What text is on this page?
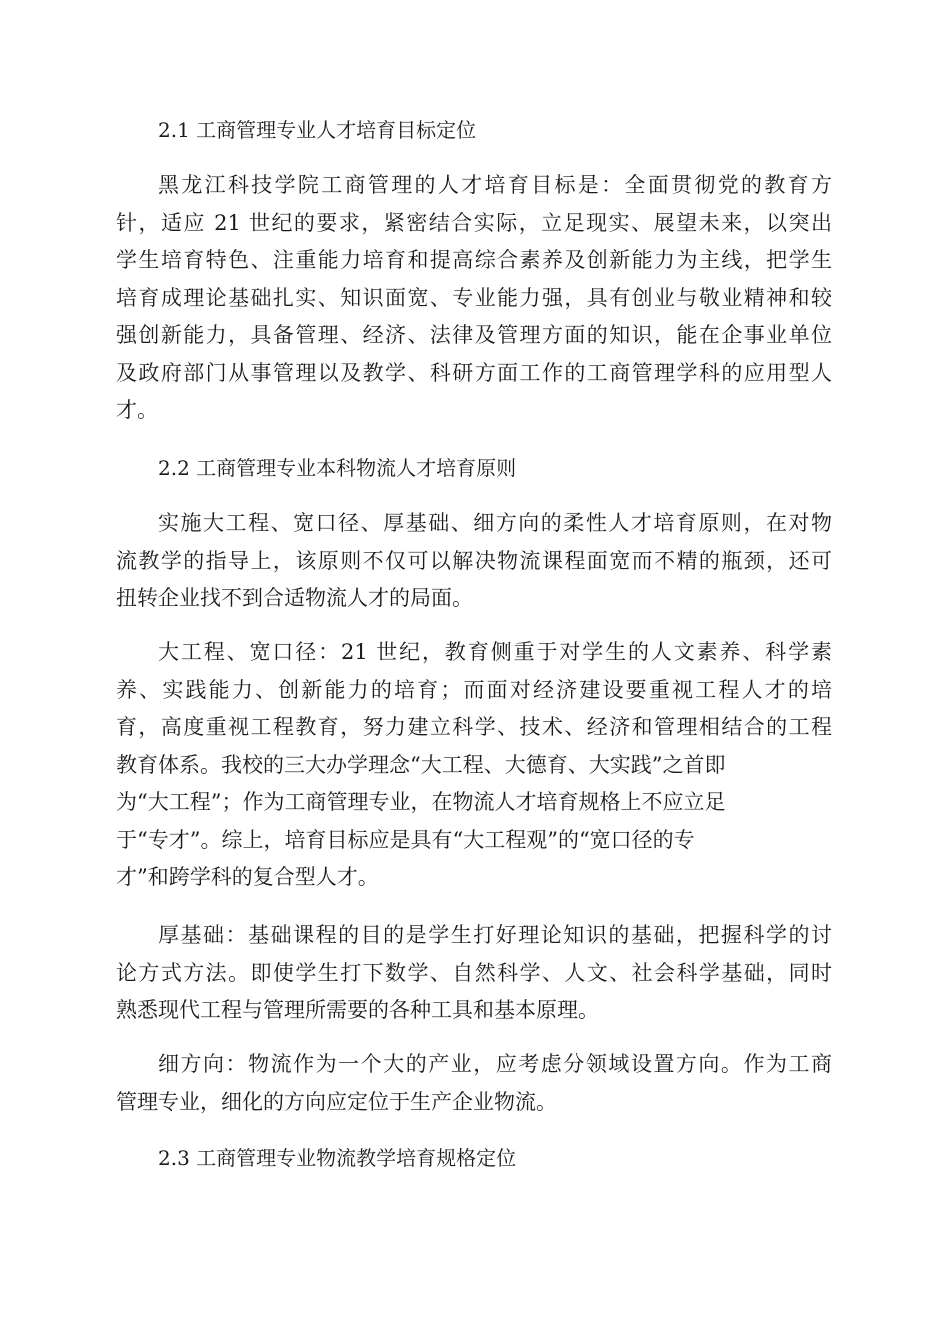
2.1 工商管理专业人才培育目标定位
黑龙江科技学院工商管理的人才培育目标是：全面贯彻党的教育方
针，适应 21 世纪的要求，紧密结合实际，立足现实、展望未来，以突出
学生培育特色、注重能力培育和提高综合素养及创新能力为主线，把学生
培育成理论基础扎实、知识面宽、专业能力强，具有创业与敬业精神和较
强创新能力，具备管理、经济、法律及管理方面的知识，能在企事业单位
及政府部门从事管理以及教学、科研方面工作的工商管理学科的应用型人
才。
2.2 工商管理专业本科物流人才培育原则
实施大工程、宽口径、厚基础、细方向的柔性人才培育原则，在对物
流教学的指导上，该原则不仅可以解决物流课程面宽而不精的瓶颈，还可
扭转企业找不到合适物流人才的局面。
大工程、宽口径：21 世纪，教育侧重于对学生的人文素养、科学素
养、实践能力、创新能力的培育；而面对经济建设要重视工程人才的培
育，高度重视工程教育，努力建立科学、技术、经济和管理相结合的工程
教育体系。我校的三大办学理念“大工程、大德育、大实践”之首即
为“大工程”；作为工商管理专业，在物流人才培育规格上不应立足
于“专才”。综上，培育目标应是具有“大工程观”的“宽口径的专
才”和跨学科的复合型人才。
厚基础：基础课程的目的是学生打好理论知识的基础，把握科学的讨
论方式方法。即使学生打下数学、自然科学、人文、社会科学基础，同时
熟悉现代工程与管理所需要的各种工具和基本原理。
细方向：物流作为一个大的产业，应考虑分领域设置方向。作为工商
管理专业，细化的方向应定位于生产企业物流。
2.3 工商管理专业物流教学培育规格定位
